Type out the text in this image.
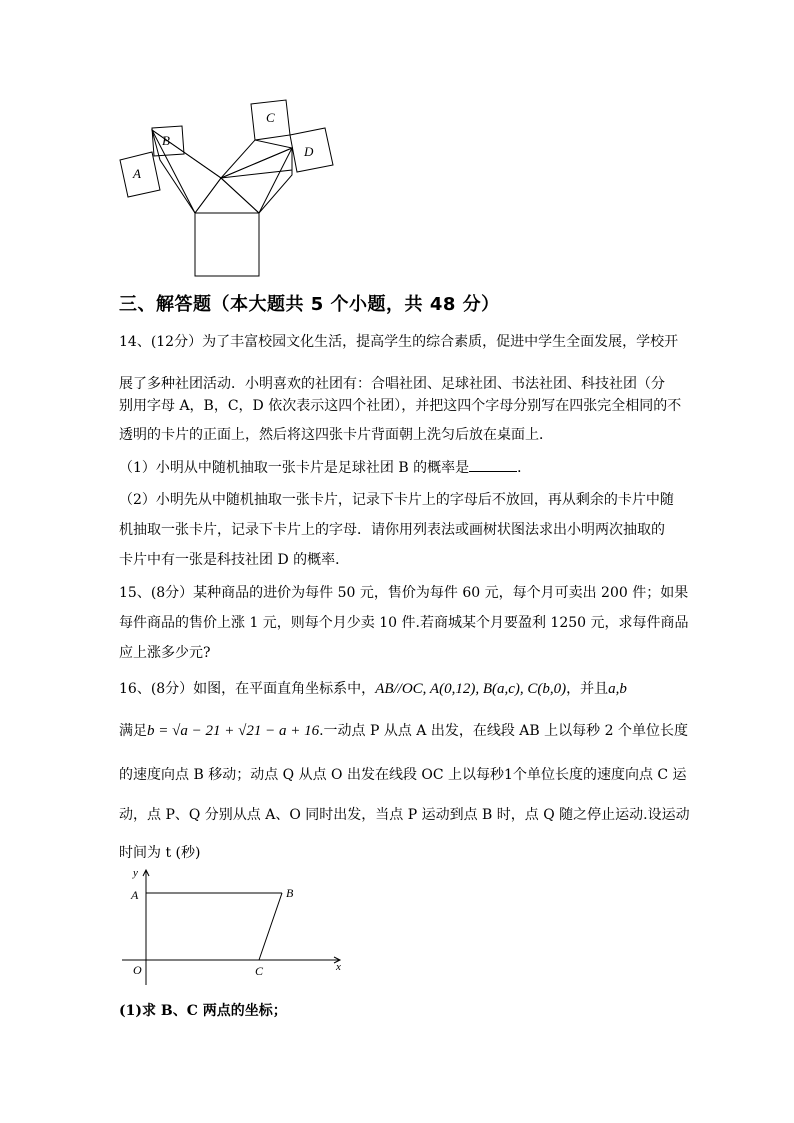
A
B
C
D
三、解答题（本大题共 5 个小题，共 48 分）
14、(12分）为了丰富校园文化生活，提高学生的综合素质，促进中学生全面发展，学校开
展了多种社团活动．小明喜欢的社团有：合唱社团、足球社团、书法社团、科技社团（分
别用字母 A，B，C，D 依次表示这四个社团），并把这四个字母分别写在四张完全相同的不
透明的卡片的正面上，然后将这四张卡片背面朝上洗匀后放在桌面上．
（1）小明从中随机抽取一张卡片是足球社团 B 的概率是	．
（2）小明先从中随机抽取一张卡片，记录下卡片上的字母后不放回，再从剩余的卡片中随
机抽取一张卡片，记录下卡片上的字母．请你用列表法或画树状图法求出小明两次抽取的
卡片中有一张是科技社团 D 的概率．
15、(8分）某种商品的进价为每件 50 元，售价为每件 60 元，每个月可卖出 200 件；如果
每件商品的售价上涨 1 元，则每个月少卖 10 件.若商城某个月要盈利 1250 元，求每件商品
应上涨多少元?
16、(8分）如图，在平面直角坐标系中，AB//OC, A(0,12), B(a,c), C(b,0)，并且a,b
满足b = √a − 21 + √21 − a + 16.一动点 P 从点 A 出发，在线段 AB 上以每秒 2 个单位长度
的速度向点 B 移动；动点 Q 从点 O 出发在线段 OC 上以每秒1个单位长度的速度向点 C 运
动，点 P、Q 分别从点 A、O 同时出发，当点 P 运动到点 B 时，点 Q 随之停止运动.设运动
时间为 t (秒)
y
x
A	B
O	C
(1)求 B、C 两点的坐标；
